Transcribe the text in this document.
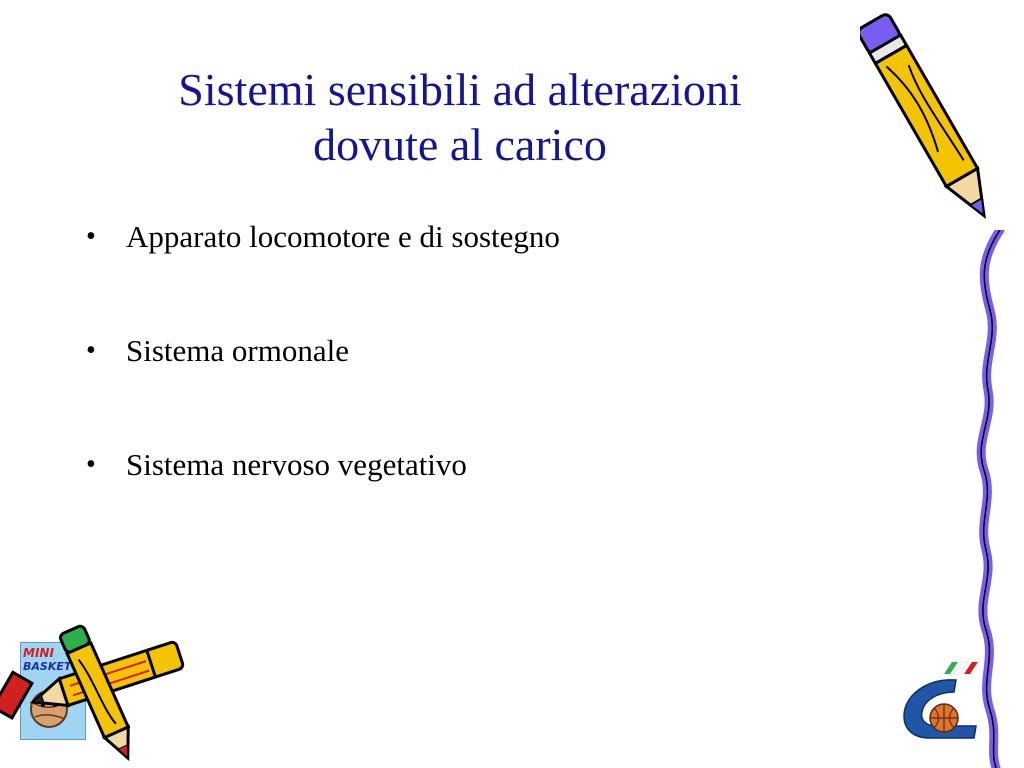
Sistemi sensibili ad alterazioni
dovute al carico
• Apparato locomotore e di sostegno
• Sistema ormonale
• Sistema nervoso vegetativo
MINI
BASKET
